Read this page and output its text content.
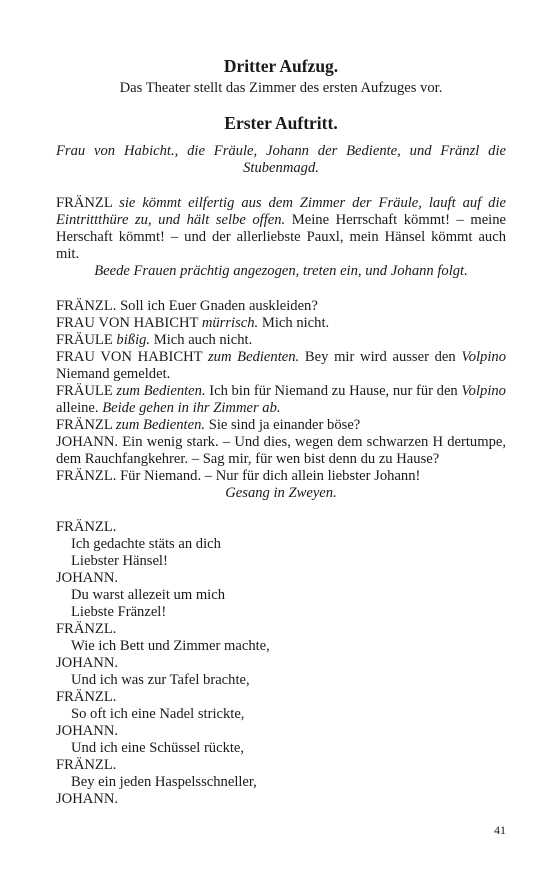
Dritter Aufzug.

Das Theater stellt das Zimmer des ersten Aufzuges vor.

Erster Auftritt.

Frau von Habicht., die Fräule, Johann der Bediente, und Fränzl die Stubenmagd.

FRÄNZL sie kömmt eilfertig aus dem Zimmer der Fräule, lauft auf die Eintrittthüre zu, und hält selbe offen. Meine Herrschaft kömmt! – meine Herschaft kömmt! – und der allerliebste Pauxl, mein Hänsel kömmt auch mit.

Beede Frauen prächtig angezogen, treten ein, und Johann folgt.

FRÄNZL. Soll ich Euer Gnaden auskleiden?

FRAU VON HABICHT mürrisch. Mich nicht.

FRÄULE bißig. Mich auch nicht.

FRAU VON HABICHT zum Bedienten. Bey mir wird ausser den Volpino Niemand gemeldet.

FRÄULE zum Bedienten. Ich bin für Niemand zu Hause, nur für den Volpino alleine. Beide gehen in ihr Zimmer ab.

FRÄNZL zum Bedienten. Sie sind ja einander böse?

JOHANN. Ein wenig stark. – Und dies, wegen dem schwarzen H dertumpe, dem Rauchfangkehrer. – Sag mir, für wen bist denn du zu Hause?

FRÄNZL. Für Niemand. – Nur für dich allein liebster Johann!

Gesang in Zweyen.

FRÄNZL.

Ich gedachte stäts an dich

Liebster Hänsel!

JOHANN.

Du warst allezeit um mich

Liebste Fränzel!

FRÄNZL.

Wie ich Bett und Zimmer machte,

JOHANN.

Und ich was zur Tafel brachte,

FRÄNZL.

So oft ich eine Nadel strickte,

JOHANN.

Und ich eine Schüssel rückte,

FRÄNZL.

Bey ein jeden Haspelsschneller,

JOHANN.

41
